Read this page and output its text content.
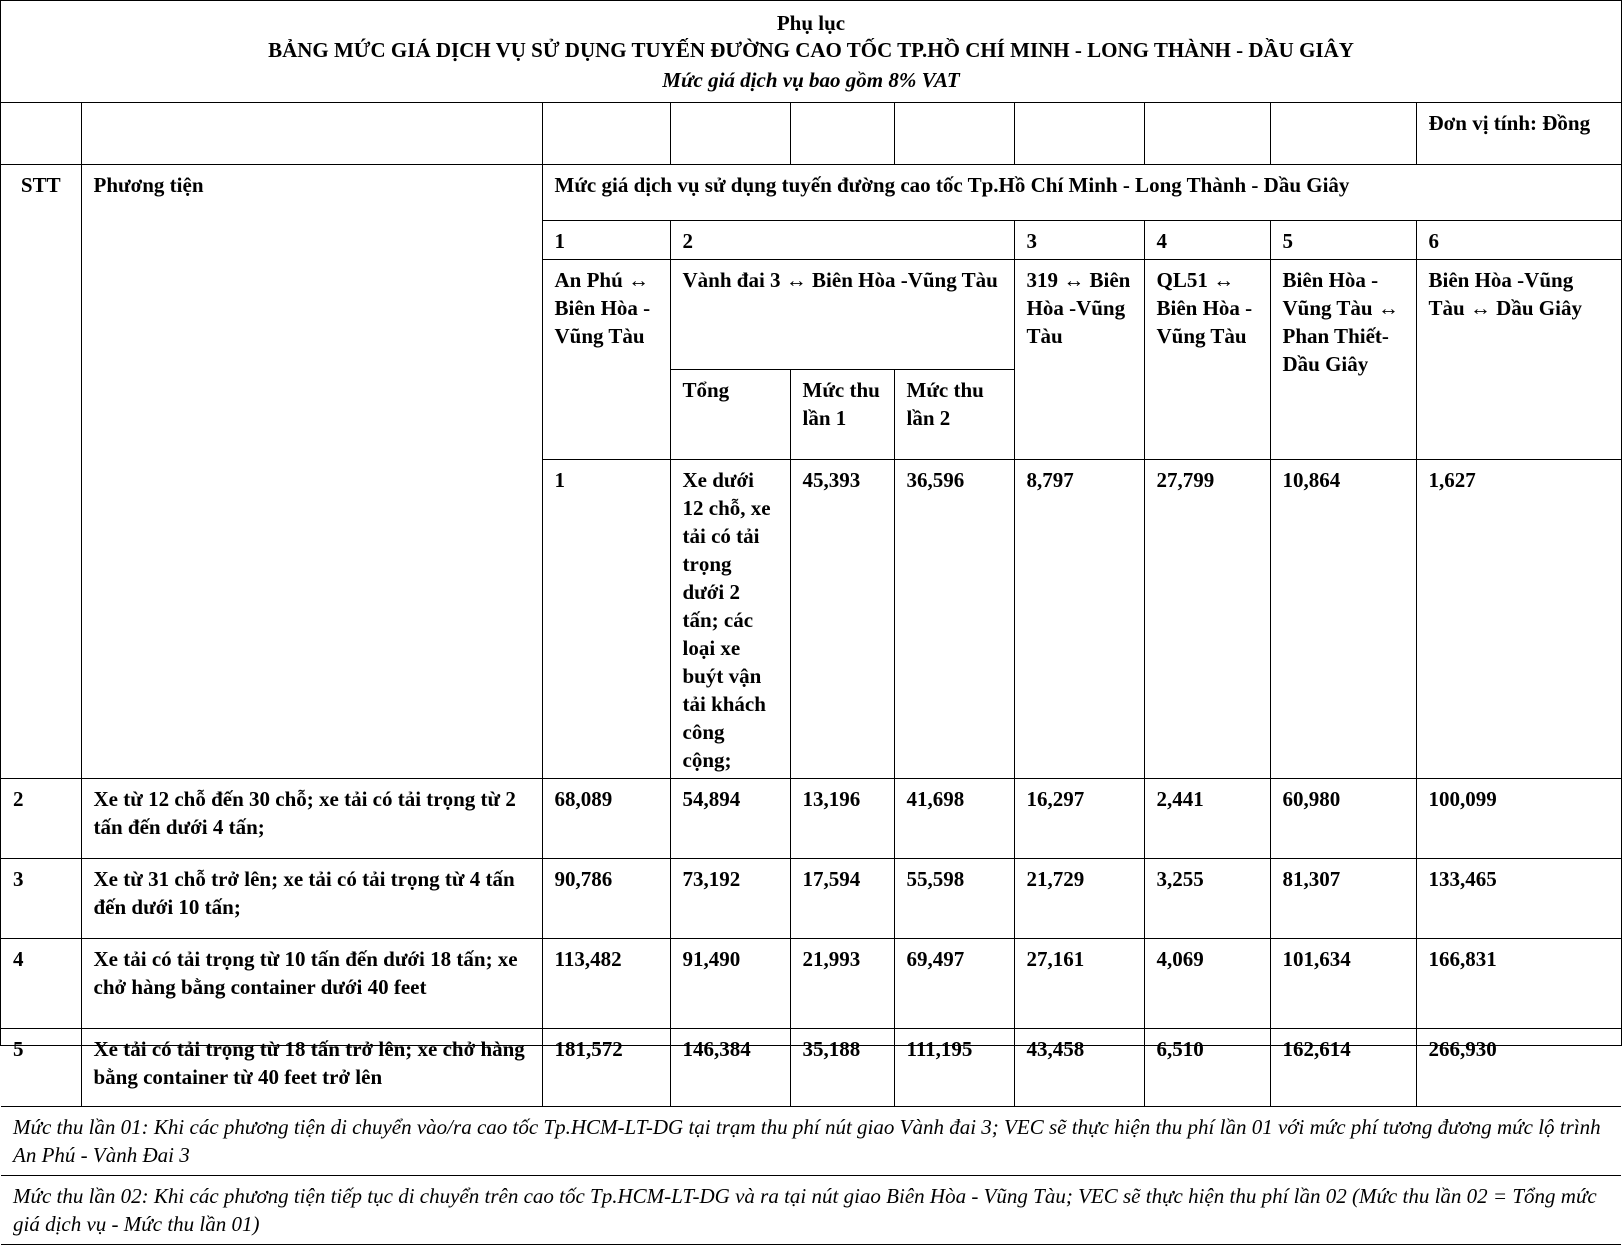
Phụ lục
BẢNG MỨC GIÁ DỊCH VỤ SỬ DỤNG TUYẾN ĐƯỜNG CAO TỐC TP.HỒ CHÍ MINH - LONG THÀNH - DẦU GIÂY
Mức giá dịch vụ bao gồm 8% VAT
									Đơn vị tính: Đồng	
STT	Phương tiện	Mức giá dịch vụ sử dụng tuyến đường cao tốc Tp.Hồ Chí Minh - Long Thành - Dầu Giây								
		1	2			3	4	5	6	
		An Phú ↔ Biên Hòa -Vũng Tàu	Vành đai 3 ↔ Biên Hòa -Vũng Tàu			319 ↔ Biên Hòa -Vũng Tàu	QL51 ↔ Biên Hòa -Vũng Tàu	Biên Hòa - Vũng Tàu ↔ Phan Thiết-Dầu Giây	Biên Hòa -Vũng Tàu ↔ Dầu Giây	
			Tổng	Mức thu lần 1	Mức thu lần 2					
		1	Xe dưới 12 chỗ, xe tải có tải trọng dưới 2 tấn; các loại xe buýt vận tải khách công cộng;	45,393	36,596	8,797	27,799	10,864	1,627		
2	Xe từ 12 chỗ đến 30 chỗ; xe tải có tải trọng từ 2 tấn đến dưới 4 tấn;	68,089	54,894	13,196	41,698	16,297	2,441	60,980	100,099	
3	Xe từ 31 chỗ trở lên; xe tải có tải trọng từ 4 tấn đến dưới 10 tấn;	90,786	73,192	17,594	55,598	21,729	3,255	81,307	133,465	
4	Xe tải có tải trọng từ 10 tấn đến dưới 18 tấn; xe chở hàng bằng container dưới 40 feet	113,482	91,490	21,993	69,497	27,161	4,069	101,634	166,831	
5	Xe tải có tải trọng từ 18 tấn trở lên; xe chở hàng bằng container từ 40 feet trở lên	181,572	146,384	35,188	111,195	43,458	6,510	162,614	266,930	
Mức thu lần 01: Khi các phương tiện di chuyển vào/ra cao tốc Tp.HCM-LT-DG tại trạm thu phí nút giao Vành đai 3; VEC sẽ thực hiện thu phí lần 01 với mức phí tương đương mức lộ trình An Phú - Vành Đai 3										
Mức thu lần 02: Khi các phương tiện tiếp tục di chuyển trên cao tốc Tp.HCM-LT-DG và ra tại nút giao Biên Hòa - Vũng Tàu; VEC sẽ thực hiện thu phí lần 02 (Mức thu lần 02 = Tổng mức giá dịch vụ - Mức thu lần 01)										
